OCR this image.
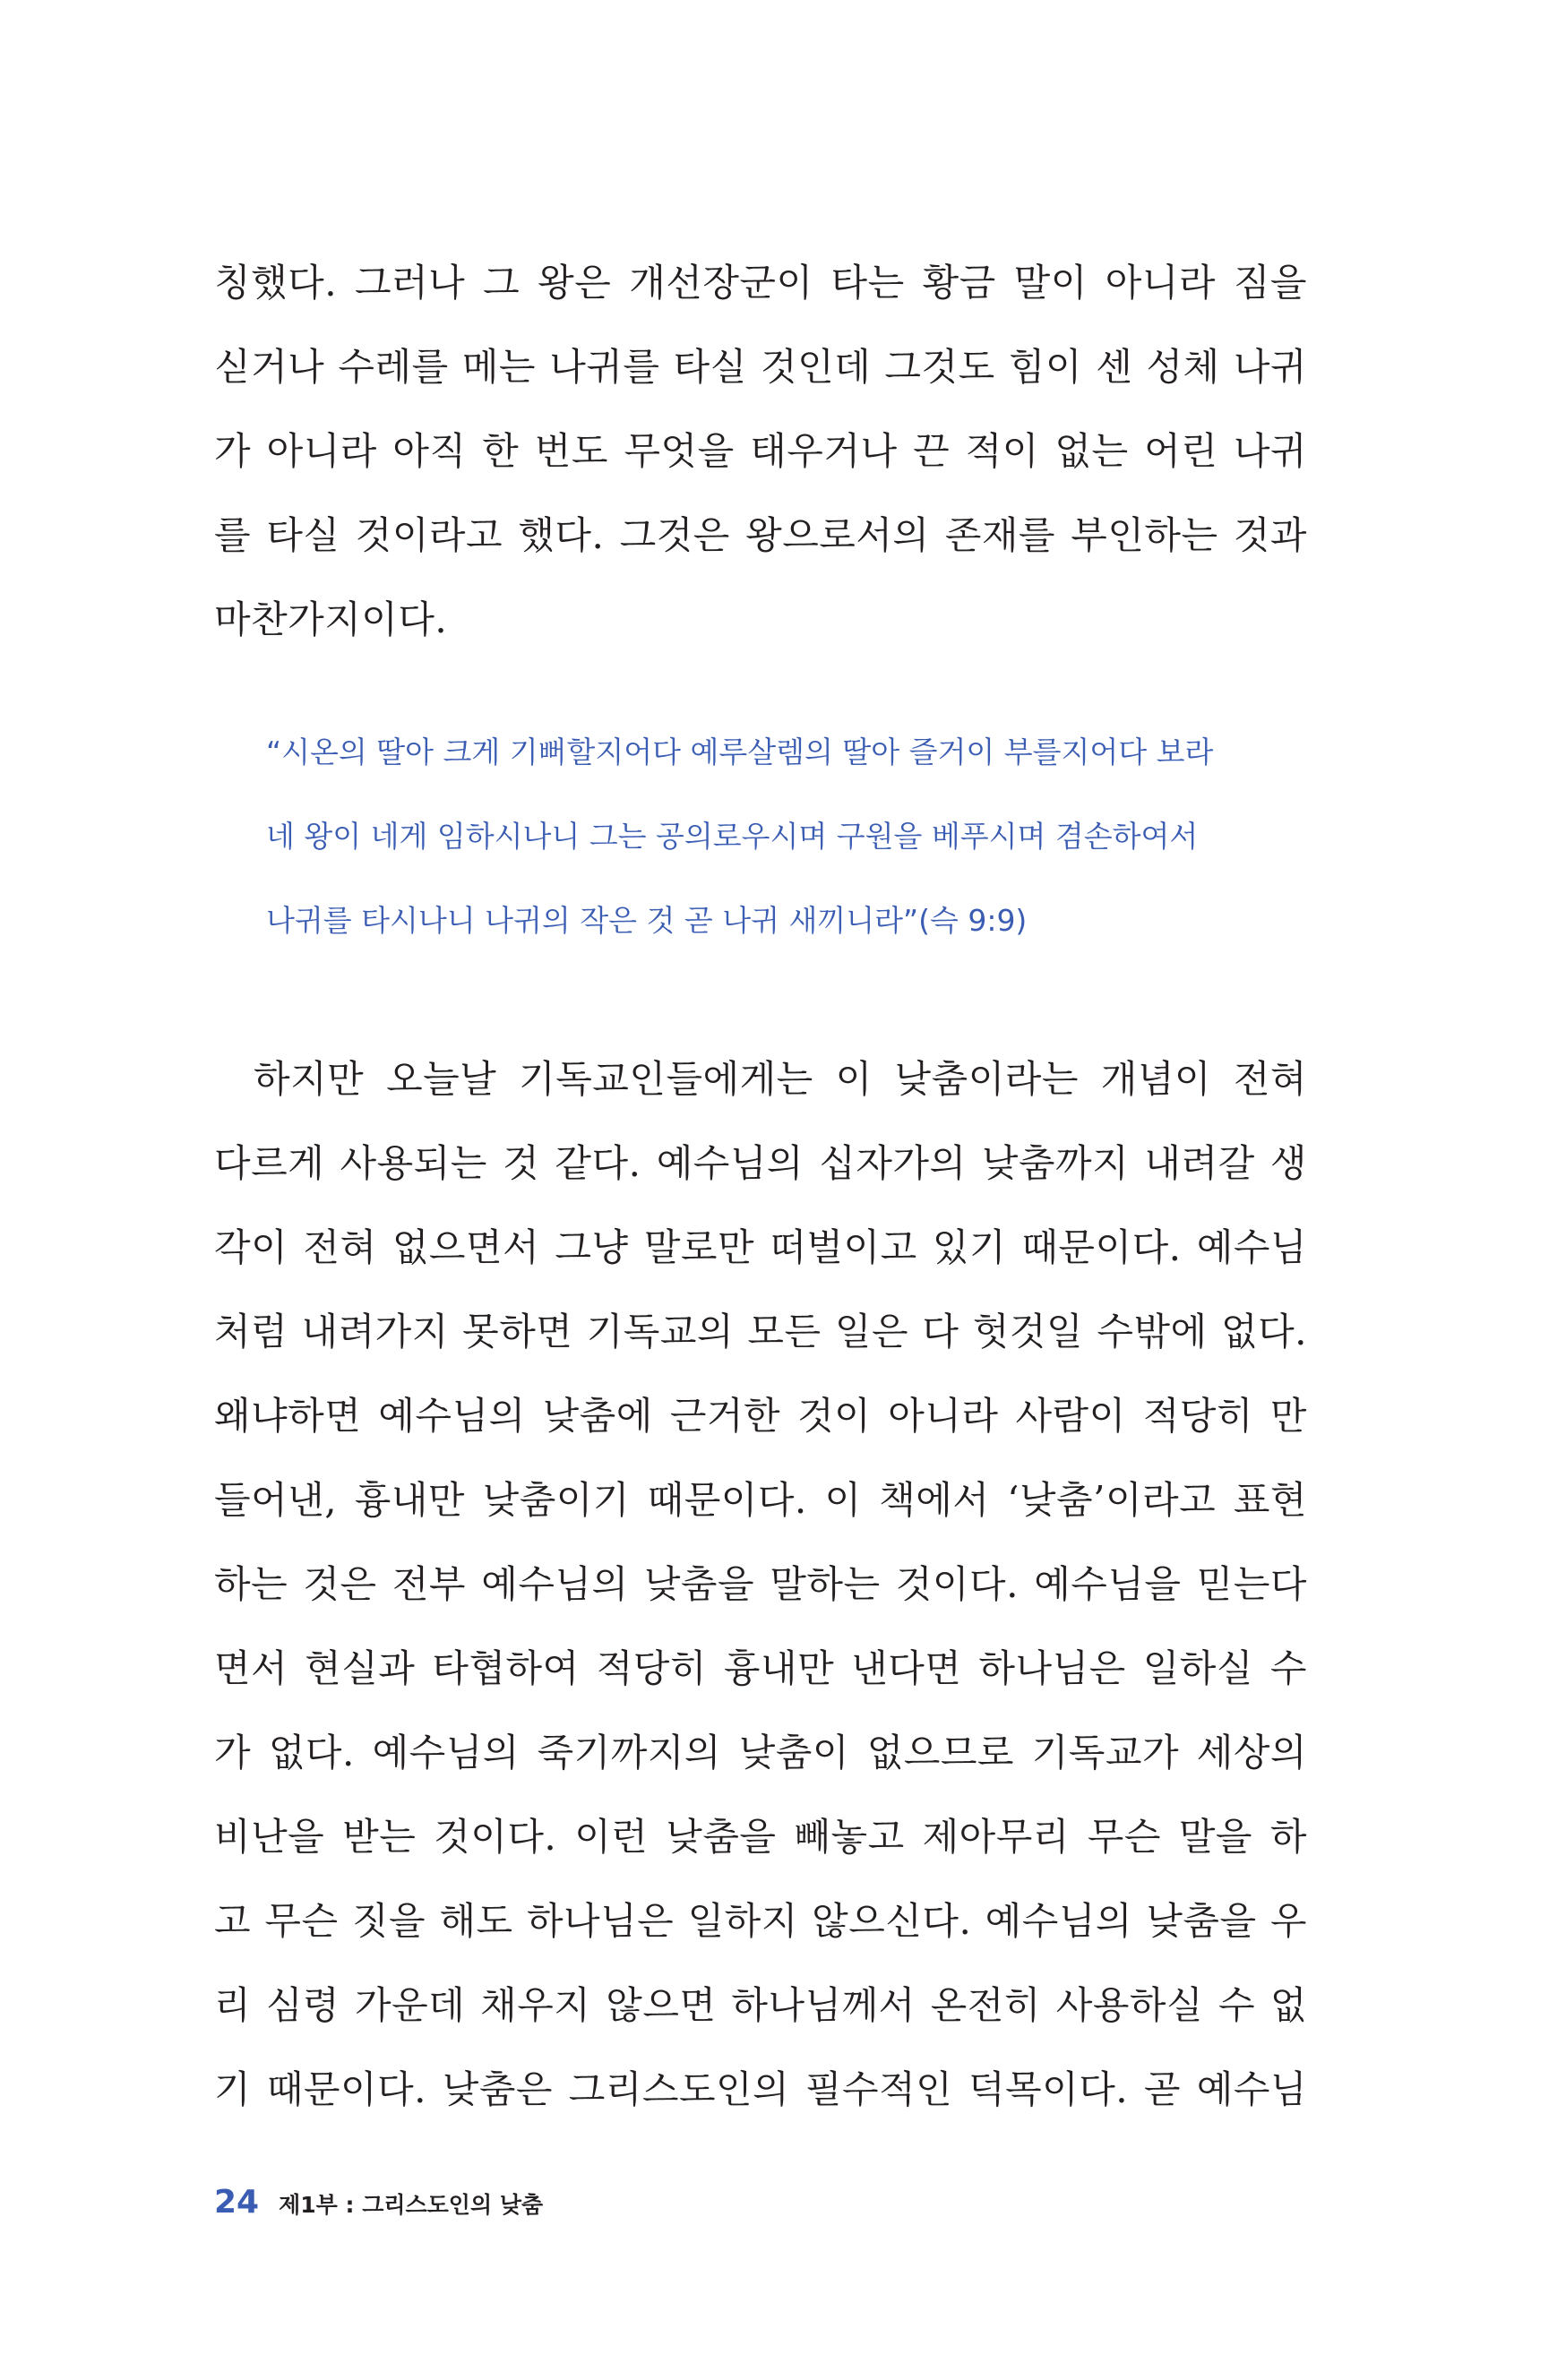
칭했다. 그러나 그 왕은 개선장군이 타는 황금 말이 아니라 짐을
싣거나 수레를 메는 나귀를 타실 것인데 그것도 힘이 센 성체 나귀
가 아니라 아직 한 번도 무엇을 태우거나 끈 적이 없는 어린 나귀
를 타실 것이라고 했다. 그것은 왕으로서의 존재를 부인하는 것과
마찬가지이다.
“시온의 딸아 크게 기뻐할지어다 예루살렘의 딸아 즐거이 부를지어다 보라
네 왕이 네게 임하시나니 그는 공의로우시며 구원을 베푸시며 겸손하여서
나귀를 타시나니 나귀의 작은 것 곧 나귀 새끼니라”(슥 9:9)
하지만 오늘날 기독교인들에게는 이 낮춤이라는 개념이 전혀
다르게 사용되는 것 같다. 예수님의 십자가의 낮춤까지 내려갈 생
각이 전혀 없으면서 그냥 말로만 떠벌이고 있기 때문이다. 예수님
처럼 내려가지 못하면 기독교의 모든 일은 다 헛것일 수밖에 없다.
왜냐하면 예수님의 낮춤에 근거한 것이 아니라 사람이 적당히 만
들어낸, 흉내만 낮춤이기 때문이다. 이 책에서 ‘낮춤’이라고 표현
하는 것은 전부 예수님의 낮춤을 말하는 것이다. 예수님을 믿는다
면서 현실과 타협하여 적당히 흉내만 낸다면 하나님은 일하실 수
가 없다. 예수님의 죽기까지의 낮춤이 없으므로 기독교가 세상의
비난을 받는 것이다. 이런 낮춤을 빼놓고 제아무리 무슨 말을 하
고 무슨 짓을 해도 하나님은 일하지 않으신다. 예수님의 낮춤을 우
리 심령 가운데 채우지 않으면 하나님께서 온전히 사용하실 수 없
기 때문이다. 낮춤은 그리스도인의 필수적인 덕목이다. 곧 예수님
24 제1부 : 그리스도인의 낮춤
